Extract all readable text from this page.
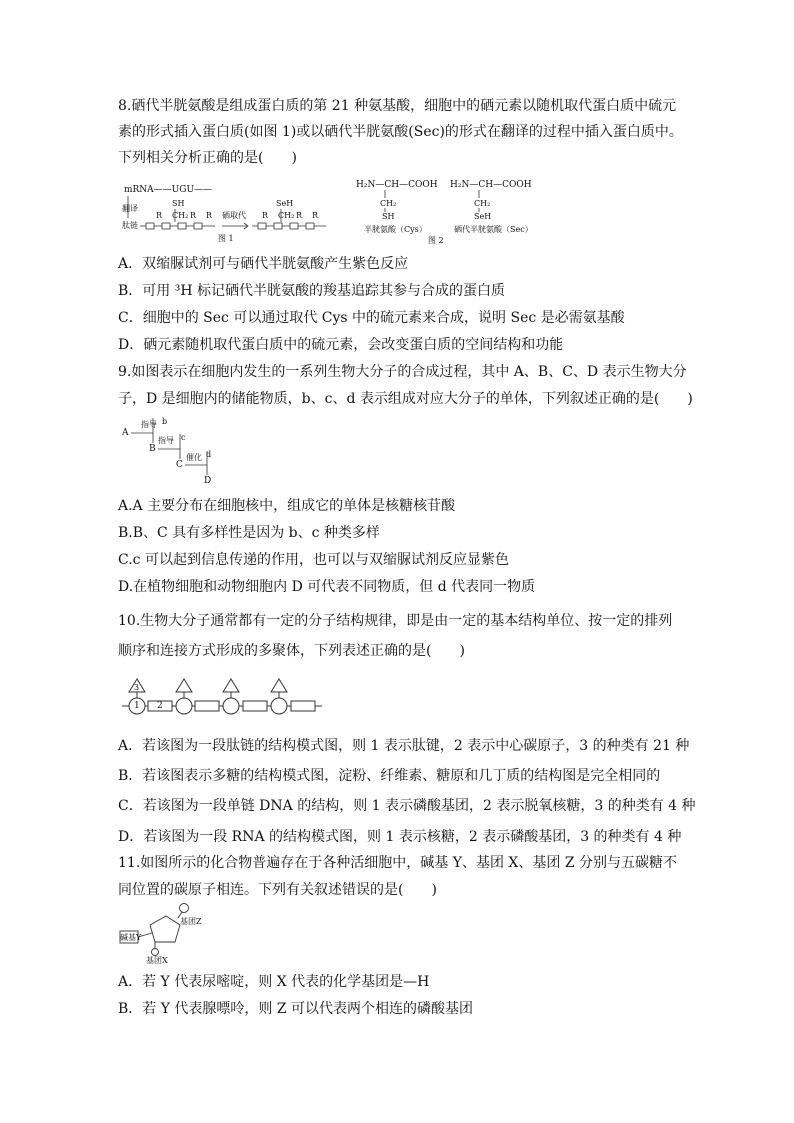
8.硒代半胱氨酸是组成蛋白质的第 21 种氨基酸，细胞中的硒元素以随机取代蛋白质中硫元
素的形式插入蛋白质(如图 1)或以硒代半胱氨酸(Sec)的形式在翻译的过程中插入蛋白质中。
下列相关分析正确的是(　　)
mRNA——UGU——
翻译
肽链
SH
CH₂
R	R R 硒取代
SeH
R CH₂ R R
图 1
H₂N—CH—COOH
CH₂
SH
半胱氨酸（Cys）
H₂N—CH—COOH
CH₂
SeH
硒代半胱氨酸（Sec）
图 2
A．双缩脲试剂可与硒代半胱氨酸产生紫色反应
B．可用 ³H 标记硒代半胱氨酸的羧基追踪其参与合成的蛋白质
C．细胞中的 Sec 可以通过取代 Cys 中的硫元素来合成，说明 Sec 是必需氨基酸
D．硒元素随机取代蛋白质中的硫元素，会改变蛋白质的空间结构和功能
9.如图表示在细胞内发生的一系列生物大分子的合成过程，其中 A、B、C、D 表示生物大分
子，D 是细胞内的储能物质，b、c、d 表示组成对应大分子的单体，下列叙述正确的是(　　)
A
指导 b
B
指导 c
C
催化 d
D
A.A 主要分布在细胞核中，组成它的单体是核糖核苷酸
B.B、C 具有多样性是因为 b、c 种类多样
C.c 可以起到信息传递的作用，也可以与双缩脲试剂反应显紫色
D.在植物细胞和动物细胞内 D 可代表不同物质，但 d 代表同一物质
10.生物大分子通常都有一定的分子结构规律，即是由一定的基本结构单位、按一定的排列
顺序和连接方式形成的多聚体，下列表述正确的是(　　)
3
1 2
A．若该图为一段肽链的结构模式图，则 1 表示肽键，2 表示中心碳原子，3 的种类有 21 种
B．若该图表示多糖的结构模式图，淀粉、纤维素、糖原和几丁质的结构图是完全相同的
C．若该图为一段单链 DNA 的结构，则 1 表示磷酸基团，2 表示脱氧核糖，3 的种类有 4 种
D．若该图为一段 RNA 的结构模式图，则 1 表示核糖，2 表示磷酸基团，3 的种类有 4 种
11.如图所示的化合物普遍存在于各种活细胞中，碱基 Y、基团 X、基团 Z 分别与五碳糖不
同位置的碳原子相连。下列有关叙述错误的是(　　)
碱基Y
基团Z
基团X
A．若 Y 代表尿嘧啶，则 X 代表的化学基团是—H
B．若 Y 代表腺嘌呤，则 Z 可以代表两个相连的磷酸基团
